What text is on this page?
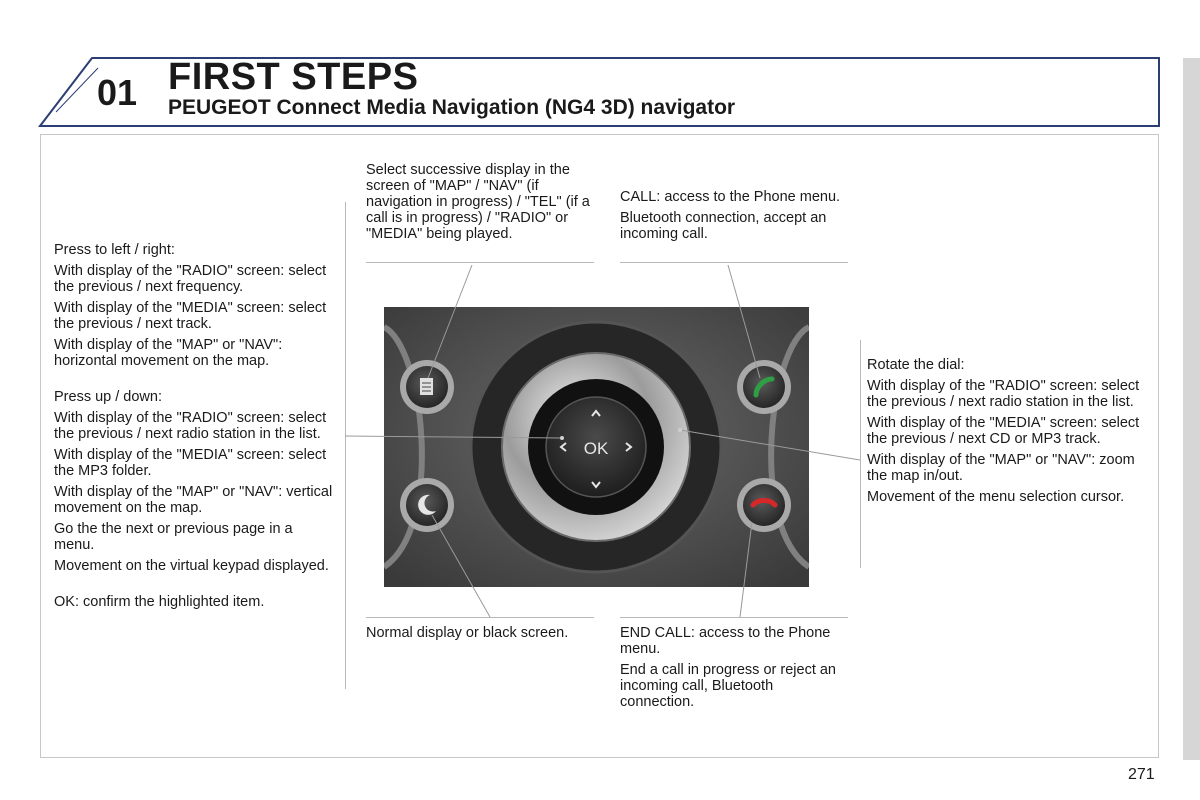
01 FIRST STEPS
PEUGEOT Connect Media Navigation (NG4 3D) navigator

Press to left / right:

With display of the "RADIO" screen: select the previous / next frequency.

With display of the "MEDIA" screen: select the previous / next track.

With display of the "MAP" or "NAV": horizontal movement on the map.

Press up / down:

With display of the "RADIO" screen: select the previous / next radio station in the list.

With display of the "MEDIA" screen: select the MP3 folder.

With display of the "MAP" or "NAV": vertical movement on the map.

Go the the next or previous page in a menu.

Movement on the virtual keypad displayed.

OK: confirm the highlighted item.

Select successive display in the screen of "MAP" / "NAV" (if navigation in progress) / "TEL" (if a call is in progress) / "RADIO" or "MEDIA" being played.

CALL: access to the Phone menu.

Bluetooth connection, accept an incoming call.

Rotate the dial:

With display of the "RADIO" screen: select the previous / next radio station in the list.

With display of the "MEDIA" screen: select the previous / next CD or MP3 track.

With display of the "MAP" or "NAV": zoom the map in/out.

Movement of the menu selection cursor.

Normal display or black screen.	END CALL: access to the Phone menu.

End a call in progress or reject an incoming call, Bluetooth connection.

OK
271
